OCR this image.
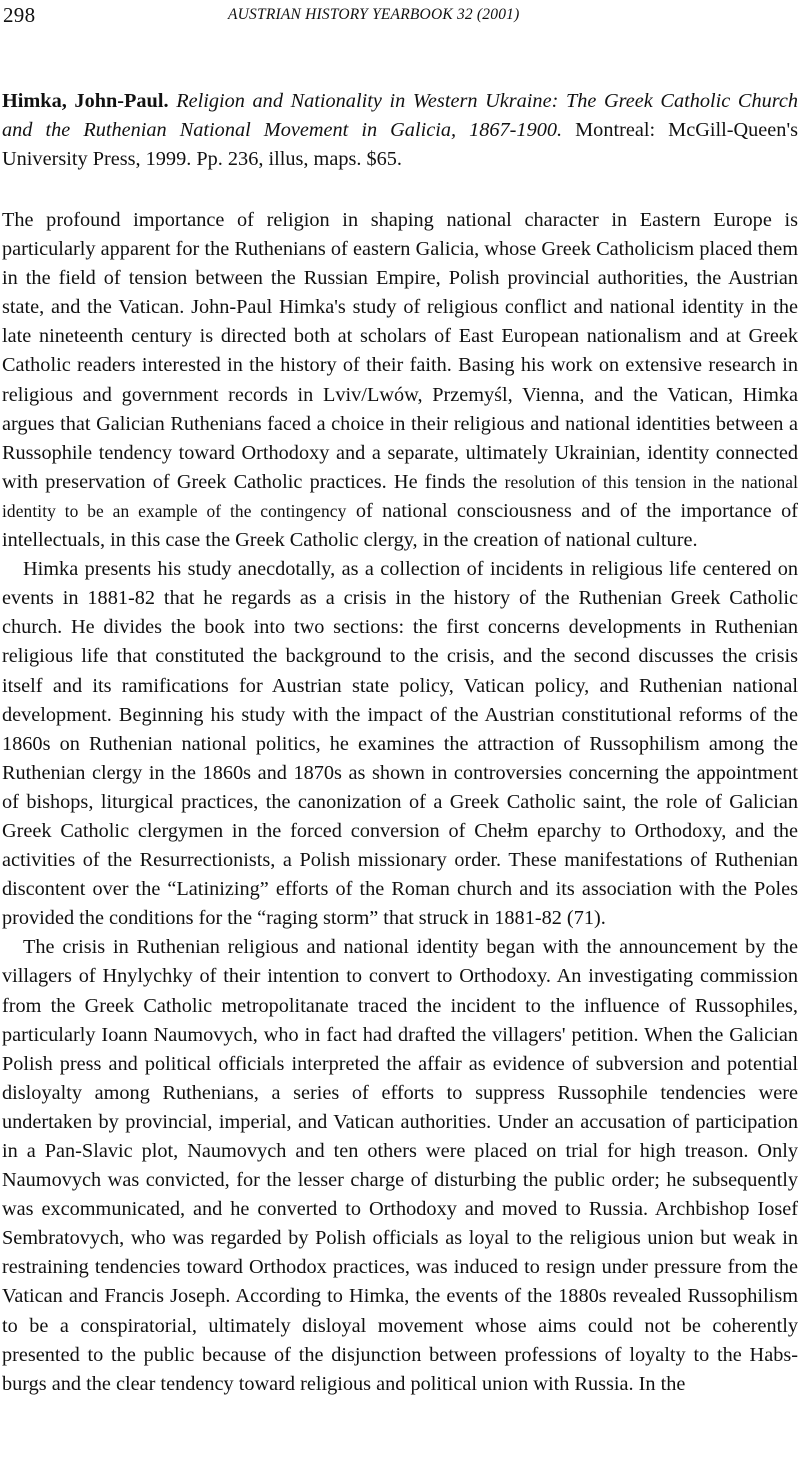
298	AUSTRIAN HISTORY YEARBOOK 32 (2001)
Himka, John-Paul. Religion and Nationality in Western Ukraine: The Greek Catholic Church and the Ruthenian National Movement in Galicia, 1867-1900. Montreal: McGill-Queen's University Press, 1999. Pp. 236, illus, maps. $65.

The profound importance of religion in shaping national character in Eastern Europe is particularly apparent for the Ruthenians of eastern Galicia, whose Greek Catholicism placed them in the field of tension between the Russian Empire, Polish provincial authorities, the Austrian state, and the Vatican. John-Paul Himka's study of religious conflict and national identity in the late nineteenth century is directed both at scholars of East European nationalism and at Greek Catholic readers interested in the history of their faith. Basing his work on extensive research in religious and government records in Lviv/Lwów, Przemyśl, Vienna, and the Vatican, Himka argues that Galician Ruthenians faced a choice in their religious and national identities between a Russophile tendency toward Orthodoxy and a separate, ultimately Ukrainian, identity connected with preservation of Greek Catholic practices. He finds the resolution of this tension in the national identity to be an example of the contingency of national consciousness and of the importance of intellectuals, in this case the Greek Catholic clergy, in the creation of national culture.

Himka presents his study anecdotally, as a collection of incidents in religious life centered on events in 1881-82 that he regards as a crisis in the history of the Ruthenian Greek Catholic church. He divides the book into two sections: the first concerns developments in Ruthenian religious life that constituted the background to the crisis, and the second discusses the crisis itself and its ramifications for Austrian state policy, Vatican policy, and Ruthenian national development. Beginning his study with the impact of the Austrian constitutional reforms of the 1860s on Ruthenian national politics, he examines the attraction of Russophilism among the Ruthenian clergy in the 1860s and 1870s as shown in controversies concerning the appointment of bishops, liturgical practices, the canonization of a Greek Catholic saint, the role of Galician Greek Catholic clergymen in the forced conversion of Chełm eparchy to Orthodoxy, and the activities of the Resurrectionists, a Polish missionary order. These manifestations of Ruthenian discontent over the “Latinizing” efforts of the Roman church and its association with the Poles provided the conditions for the “raging storm” that struck in 1881-82 (71).

The crisis in Ruthenian religious and national identity began with the announcement by the villagers of Hnylychky of their intention to convert to Orthodoxy. An investigating commission from the Greek Catholic metropolitanate traced the incident to the influence of Russophiles, particularly Ioann Naumovych, who in fact had drafted the villagers' petition. When the Galician Polish press and political officials interpreted the affair as evidence of subversion and potential disloyalty among Ruthenians, a series of efforts to suppress Russophile tendencies were undertaken by provincial, imperial, and Vatican authorities. Under an accusation of participation in a Pan-Slavic plot, Naumovych and ten others were placed on trial for high treason. Only Naumovych was convicted, for the lesser charge of disturbing the public order; he subsequently was excommunicated, and he converted to Orthodoxy and moved to Russia. Archbishop Iosef Sembratovych, who was regarded by Polish officials as loyal to the religious union but weak in restraining tendencies toward Orthodox practices, was induced to resign under pressure from the Vatican and Francis Joseph. According to Himka, the events of the 1880s revealed Russophilism to be a conspiratorial, ultimately disloyal movement whose aims could not be coherently presented to the public because of the disjunction between professions of loyalty to the Habsburgs and the clear tendency toward religious and political union with Russia. In the
